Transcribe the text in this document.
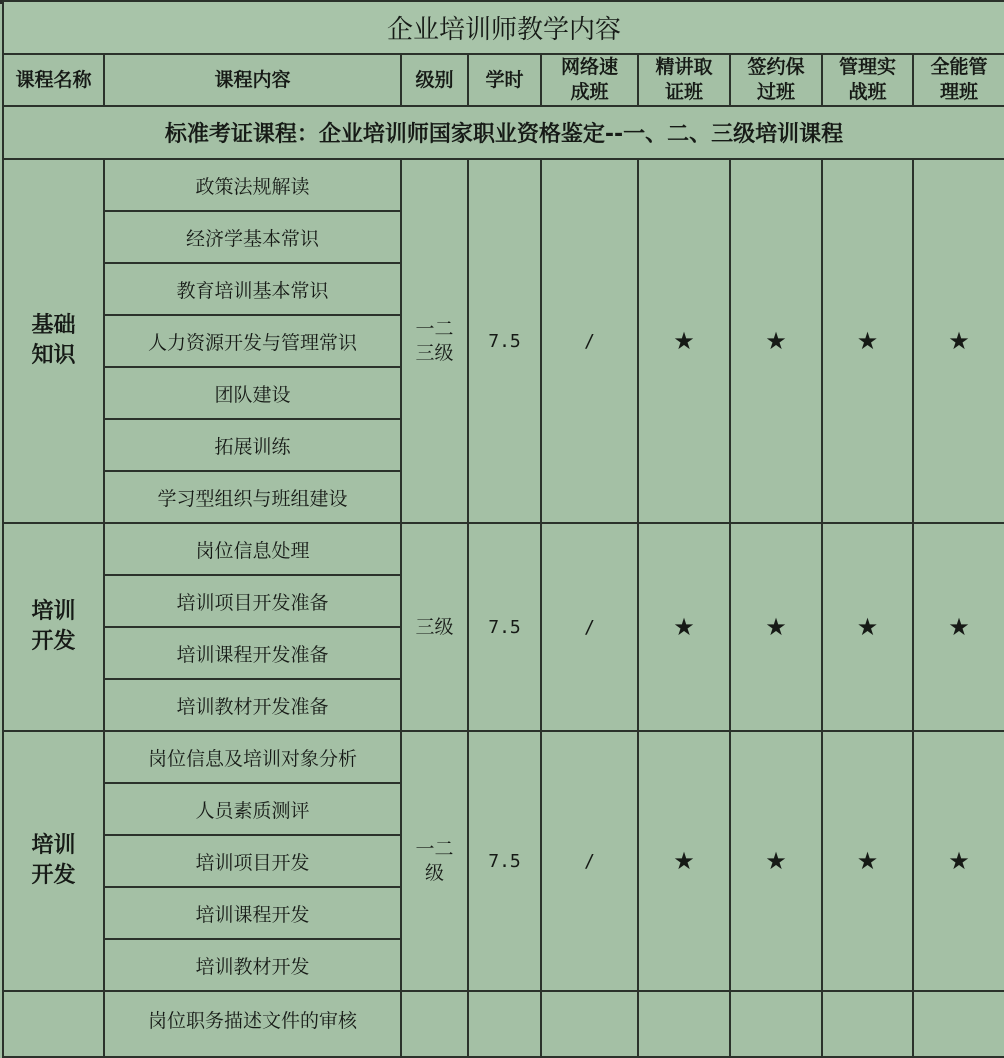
企业培训师教学内容								
课程名称	课程内容	级别	学时	网络速成班	精讲取证班	签约保过班	管理实战班	全能管理班
标准考证课程：企业培训师国家职业资格鉴定--一、二、三级培训课程								
基础知识	政策法规解读	一二三级	7.5	/	★	★	★	★
	经济学基本常识							
	教育培训基本常识							
	人力资源开发与管理常识							
	团队建设							
	拓展训练							
	学习型组织与班组建设							
培训开发	岗位信息处理	三级	7.5	/	★	★	★	★
	培训项目开发准备							
	培训课程开发准备							
	培训教材开发准备							
培训开发	岗位信息及培训对象分析	一二级	7.5	/	★	★	★	★
	人员素质测评							
	培训项目开发							
	培训课程开发							
	培训教材开发							
	岗位职务描述文件的审核							
